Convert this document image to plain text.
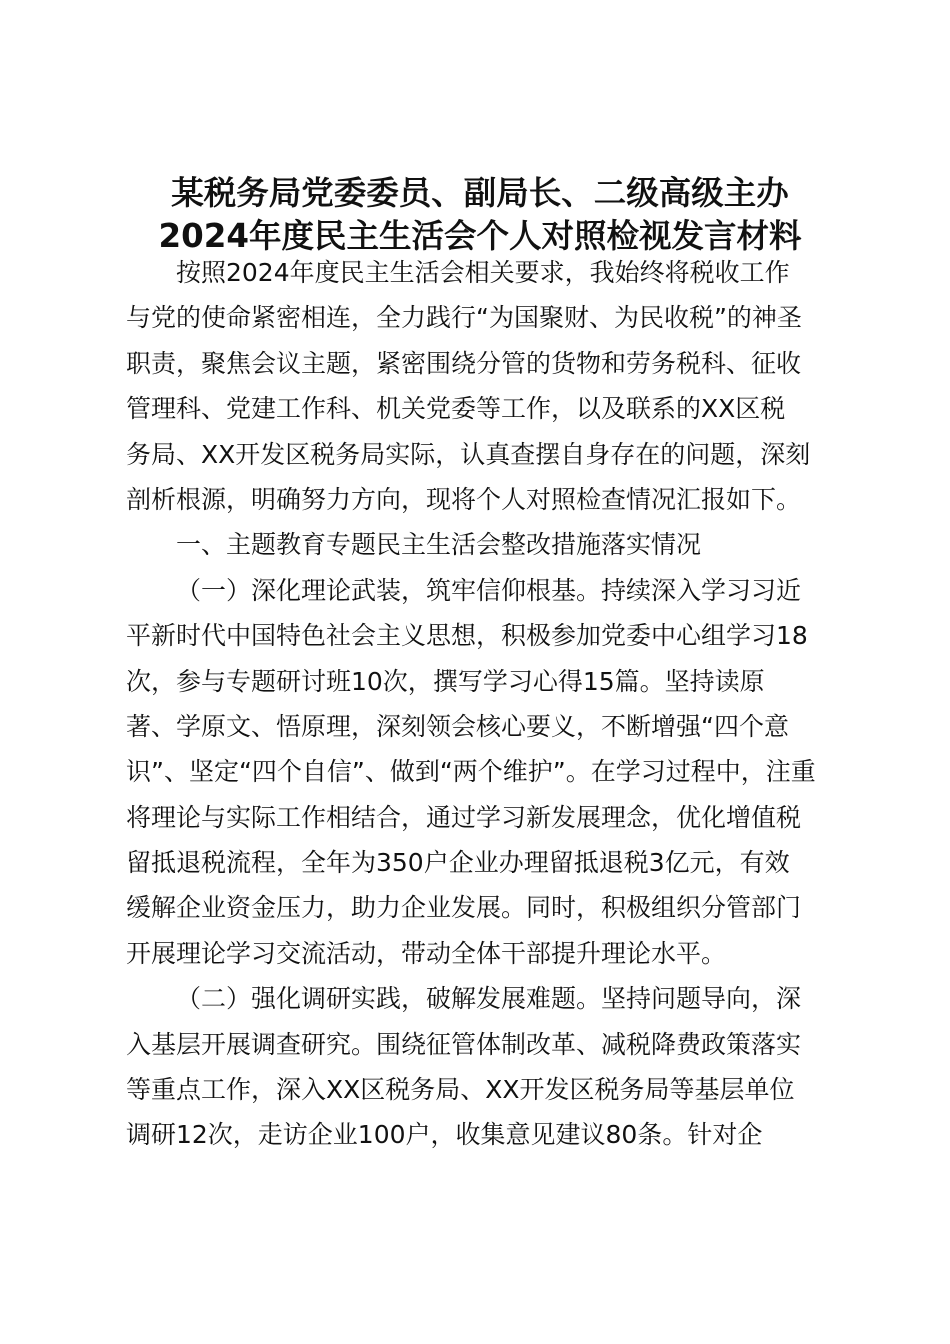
某税务局党委委员、副局长、二级高级主办
2024年度民主生活会个人对照检视发言材料
按照2024年度民主生活会相关要求，我始终将税收工作
与党的使命紧密相连，全力践行“为国聚财、为民收税”的神圣
职责，聚焦会议主题，紧密围绕分管的货物和劳务税科、征收
管理科、党建工作科、机关党委等工作，以及联系的XX区税
务局、XX开发区税务局实际，认真查摆自身存在的问题，深刻
剖析根源，明确努力方向，现将个人对照检查情况汇报如下。
一、主题教育专题民主生活会整改措施落实情况
（一）深化理论武装，筑牢信仰根基。持续深入学习习近
平新时代中国特色社会主义思想，积极参加党委中心组学习18
次，参与专题研讨班10次，撰写学习心得15篇。坚持读原
著、学原文、悟原理，深刻领会核心要义，不断增强“四个意
识”、坚定“四个自信”、做到“两个维护”。在学习过程中，注重
将理论与实际工作相结合，通过学习新发展理念，优化增值税
留抵退税流程，全年为350户企业办理留抵退税3亿元，有效
缓解企业资金压力，助力企业发展。同时，积极组织分管部门
开展理论学习交流活动，带动全体干部提升理论水平。
（二）强化调研实践，破解发展难题。坚持问题导向，深
入基层开展调查研究。围绕征管体制改革、减税降费政策落实
等重点工作，深入XX区税务局、XX开发区税务局等基层单位
调研12次，走访企业100户，收集意见建议80条。针对企
